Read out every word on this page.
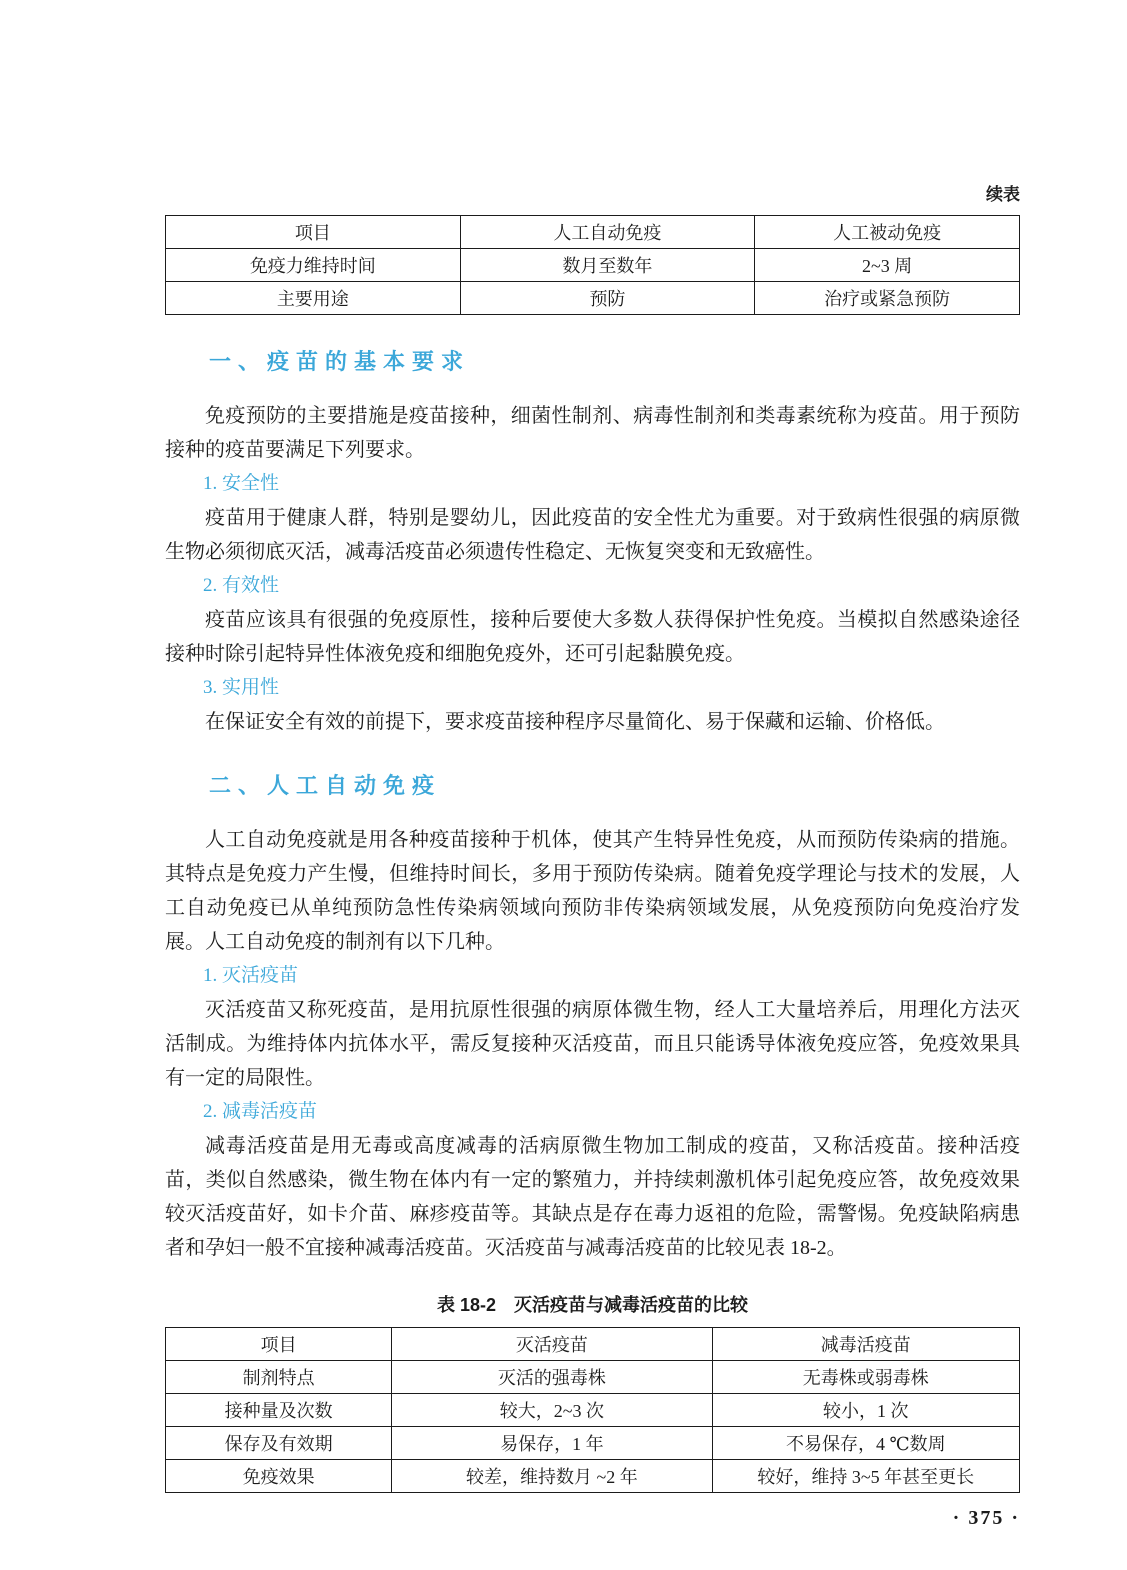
续表
项目	人工自动免疫	人工被动免疫
免疫力维持时间	数月至数年	2~3 周
主要用途	预防	治疗或紧急预防
一、疫苗的基本要求

免疫预防的主要措施是疫苗接种，细菌性制剂、病毒性制剂和类毒素统称为疫苗。用于预防接种的疫苗要满足下列要求。

1. 安全性

疫苗用于健康人群，特别是婴幼儿，因此疫苗的安全性尤为重要。对于致病性很强的病原微生物必须彻底灭活，减毒活疫苗必须遗传性稳定、无恢复突变和无致癌性。

2. 有效性

疫苗应该具有很强的免疫原性，接种后要使大多数人获得保护性免疫。当模拟自然感染途径接种时除引起特异性体液免疫和细胞免疫外，还可引起黏膜免疫。

3. 实用性

在保证安全有效的前提下，要求疫苗接种程序尽量简化、易于保藏和运输、价格低。

二、人工自动免疫

人工自动免疫就是用各种疫苗接种于机体，使其产生特异性免疫，从而预防传染病的措施。其特点是免疫力产生慢，但维持时间长，多用于预防传染病。随着免疫学理论与技术的发展，人工自动免疫已从单纯预防急性传染病领域向预防非传染病领域发展，从免疫预防向免疫治疗发展。人工自动免疫的制剂有以下几种。

1. 灭活疫苗

灭活疫苗又称死疫苗，是用抗原性很强的病原体微生物，经人工大量培养后，用理化方法灭活制成。为维持体内抗体水平，需反复接种灭活疫苗，而且只能诱导体液免疫应答，免疫效果具有一定的局限性。

2. 减毒活疫苗

减毒活疫苗是用无毒或高度减毒的活病原微生物加工制成的疫苗，又称活疫苗。接种活疫苗，类似自然感染，微生物在体内有一定的繁殖力，并持续刺激机体引起免疫应答，故免疫效果较灭活疫苗好，如卡介苗、麻疹疫苗等。其缺点是存在毒力返祖的危险，需警惕。免疫缺陷病患者和孕妇一般不宜接种减毒活疫苗。灭活疫苗与减毒活疫苗的比较见表 18-2。

表 18-2　灭活疫苗与减毒活疫苗的比较
项目	灭活疫苗	减毒活疫苗
制剂特点	灭活的强毒株	无毒株或弱毒株
接种量及次数	较大，2~3 次	较小，1 次
保存及有效期	易保存，1 年	不易保存，4 ℃数周
免疫效果	较差，维持数月 ~2 年	较好，维持 3~5 年甚至更长
· 375 ·
